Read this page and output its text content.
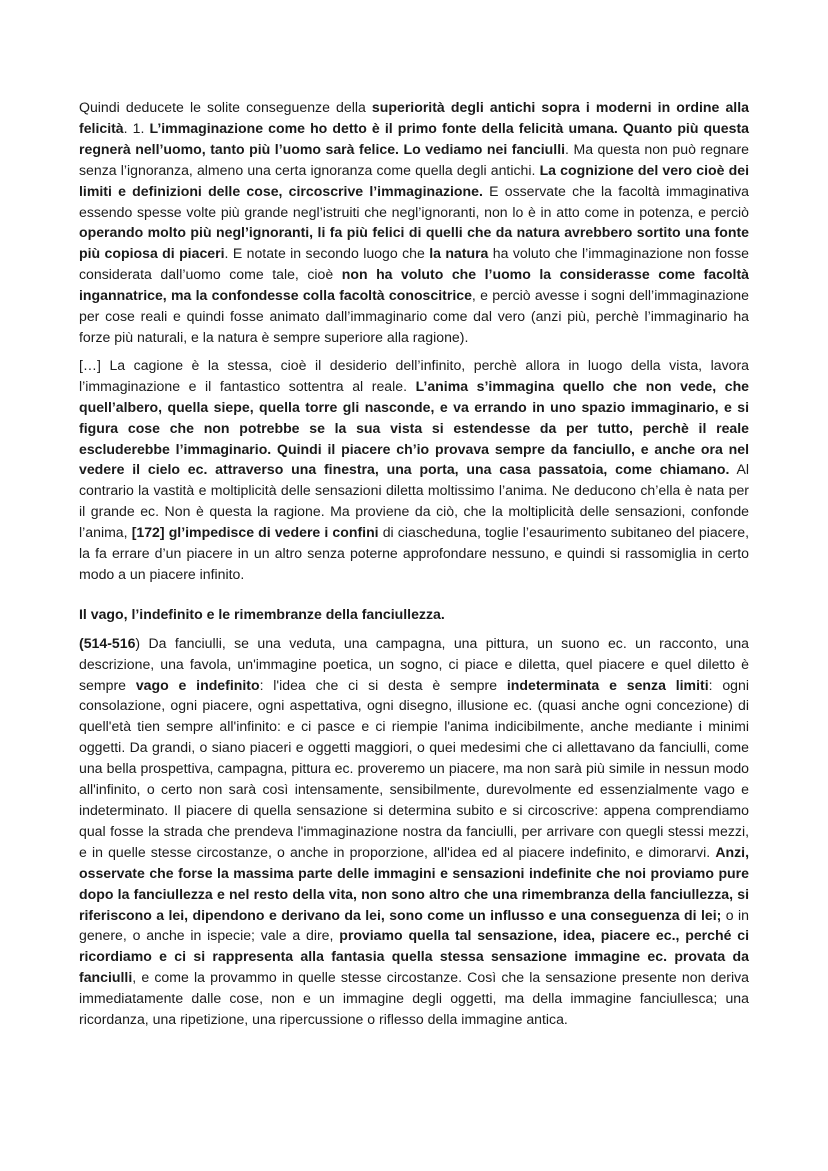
Quindi deducete le solite conseguenze della superiorità degli antichi sopra i moderni in ordine alla felicità. 1. L’immaginazione come ho detto è il primo fonte della felicità umana. Quanto più questa regnerà nell’uomo, tanto più l’uomo sarà felice. Lo vediamo nei fanciulli. Ma questa non può regnare senza l’ignoranza, almeno una certa ignoranza come quella degli antichi. La cognizione del vero cioè dei limiti e definizioni delle cose, circoscrive l’immaginazione. E osservate che la facoltà immaginativa essendo spesse volte più grande negl’istruiti che negl’ignoranti, non lo è in atto come in potenza, e perciò operando molto più negl’ignoranti, li fa più felici di quelli che da natura avrebbero sortito una fonte più copiosa di piaceri. E notate in secondo luogo che la natura ha voluto che l’immaginazione non fosse considerata dall’uomo come tale, cioè non ha voluto che l’uomo la considerasse come facoltà ingannatrice, ma la confondesse colla facoltà conoscitrice, e perciò avesse i sogni dell’immaginazione per cose reali e quindi fosse animato dall’immaginario come dal vero (anzi più, perchè l’immaginario ha forze più naturali, e la natura è sempre superiore alla ragione).

[…] La cagione è la stessa, cioè il desiderio dell’infinito, perchè allora in luogo della vista, lavora l’immaginazione e il fantastico sottentra al reale. L’anima s’immagina quello che non vede, che quell’albero, quella siepe, quella torre gli nasconde, e va errando in uno spazio immaginario, e si figura cose che non potrebbe se la sua vista si estendesse da per tutto, perchè il reale escluderebbe l’immaginario. Quindi il piacere ch’io provava sempre da fanciullo, e anche ora nel vedere il cielo ec. attraverso una finestra, una porta, una casa passatoia, come chiamano. Al contrario la vastità e moltiplicità delle sensazioni diletta moltissimo l’anima. Ne deducono ch’ella è nata per il grande ec. Non è questa la ragione. Ma proviene da ciò, che la moltiplicità delle sensazioni, confonde l’anima, [172] gl’impedisce di vedere i confini di ciascheduna, toglie l’esaurimento subitaneo del piacere, la fa errare d’un piacere in un altro senza poterne approfondare nessuno, e quindi si rassomiglia in certo modo a un piacere infinito.

Il vago, l’indefinito e le rimembranze della fanciullezza.

(514-516) Da fanciulli, se una veduta, una campagna, una pittura, un suono ec. un racconto, una descrizione, una favola, un'immagine poetica, un sogno, ci piace e diletta, quel piacere e quel diletto è sempre vago e indefinito: l'idea che ci si desta è sempre indeterminata e senza limiti: ogni consolazione, ogni piacere, ogni aspettativa, ogni disegno, illusione ec. (quasi anche ogni concezione) di quell'età tien sempre all'infinito: e ci pasce e ci riempie l'anima indicibilmente, anche mediante i minimi oggetti. Da grandi, o siano piaceri e oggetti maggiori, o quei medesimi che ci allettavano da fanciulli, come una bella prospettiva, campagna, pittura ec. proveremo un piacere, ma non sarà più simile in nessun modo all'infinito, o certo non sarà così intensamente, sensibilmente, durevolmente ed essenzialmente vago e indeterminato. Il piacere di quella sensazione si determina subito e si circoscrive: appena comprendiamo qual fosse la strada che prendeva l'immaginazione nostra da fanciulli, per arrivare con quegli stessi mezzi, e in quelle stesse circostanze, o anche in proporzione, all'idea ed al piacere indefinito, e dimorarvi. Anzi, osservate che forse la massima parte delle immagini e sensazioni indefinite che noi proviamo pure dopo la fanciullezza e nel resto della vita, non sono altro che una rimembranza della fanciullezza, si riferiscono a lei, dipendono e derivano da lei, sono come un influsso e una conseguenza di lei; o in genere, o anche in ispecie; vale a dire, proviamo quella tal sensazione, idea, piacere ec., perché ci ricordiamo e ci si rappresenta alla fantasia quella stessa sensazione immagine ec. provata da fanciulli, e come la provammo in quelle stesse circostanze. Così che la sensazione presente non deriva immediatamente dalle cose, non e un immagine degli oggetti, ma della immagine fanciullesca; una ricordanza, una ripetizione, una ripercussione o riflesso della immagine antica.
